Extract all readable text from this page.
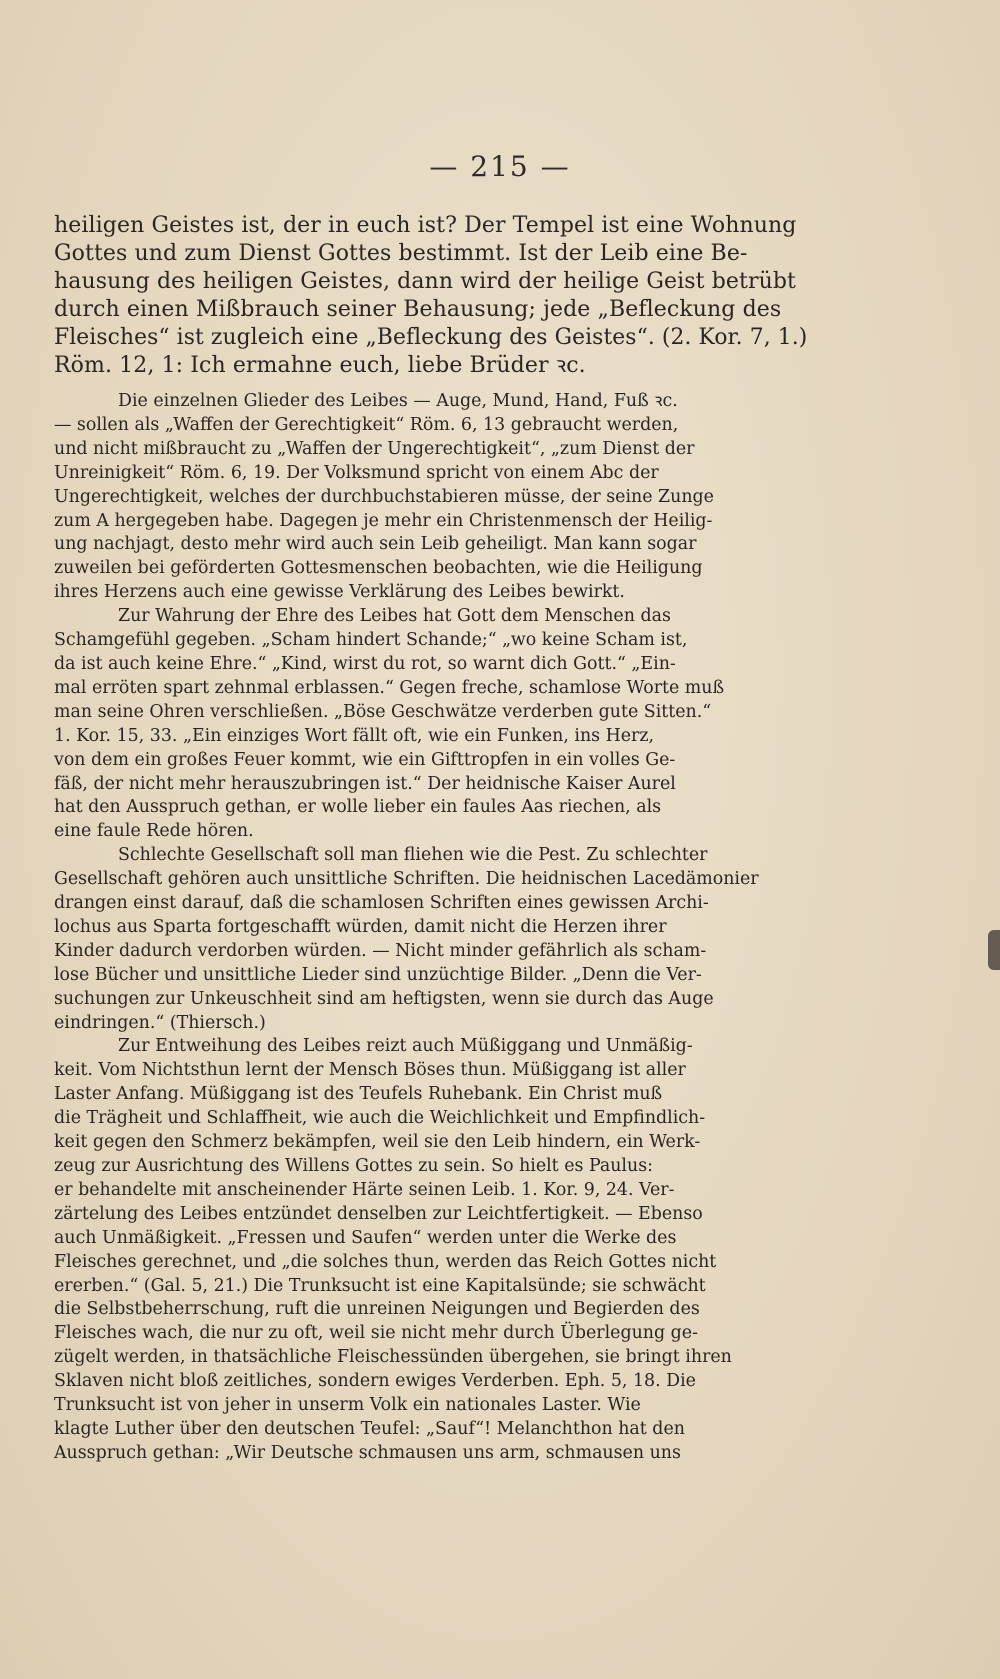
— 215 —
heiligen Geistes ist, der in euch ist? Der Tempel ist eine Wohnung
Gottes und zum Dienst Gottes bestimmt. Ist der Leib eine Be-
hausung des heiligen Geistes, dann wird der heilige Geist betrübt
durch einen Mißbrauch seiner Behausung; jede „Befleckung des
Fleisches“ ist zugleich eine „Befleckung des Geistes“. (2. Kor. 7, 1.)
Röm. 12, 1: Ich ermahne euch, liebe Brüder ꝛc.
Die einzelnen Glieder des Leibes — Auge, Mund, Hand, Fuß ꝛc.
— sollen als „Waffen der Gerechtigkeit“ Röm. 6, 13 gebraucht werden,
und nicht mißbraucht zu „Waffen der Ungerechtigkeit“, „zum Dienst der
Unreinigkeit“ Röm. 6, 19. Der Volksmund spricht von einem Abc der
Ungerechtigkeit, welches der durchbuchstabieren müsse, der seine Zunge
zum A hergegeben habe. Dagegen je mehr ein Christenmensch der Heilig-
ung nachjagt, desto mehr wird auch sein Leib geheiligt. Man kann sogar
zuweilen bei geförderten Gottesmenschen beobachten, wie die Heiligung
ihres Herzens auch eine gewisse Verklärung des Leibes bewirkt.
Zur Wahrung der Ehre des Leibes hat Gott dem Menschen das
Schamgefühl gegeben. „Scham hindert Schande;“ „wo keine Scham ist,
da ist auch keine Ehre.“ „Kind, wirst du rot, so warnt dich Gott.“ „Ein-
mal erröten spart zehnmal erblassen.“ Gegen freche, schamlose Worte muß
man seine Ohren verschließen. „Böse Geschwätze verderben gute Sitten.“
1. Kor. 15, 33. „Ein einziges Wort fällt oft, wie ein Funken, ins Herz,
von dem ein großes Feuer kommt, wie ein Gifttropfen in ein volles Ge-
fäß, der nicht mehr herauszubringen ist.“ Der heidnische Kaiser Aurel
hat den Ausspruch gethan, er wolle lieber ein faules Aas riechen, als
eine faule Rede hören.
Schlechte Gesellschaft soll man fliehen wie die Pest. Zu schlechter
Gesellschaft gehören auch unsittliche Schriften. Die heidnischen Lacedämonier
drangen einst darauf, daß die schamlosen Schriften eines gewissen Archi-
lochus aus Sparta fortgeschafft würden, damit nicht die Herzen ihrer
Kinder dadurch verdorben würden. — Nicht minder gefährlich als scham-
lose Bücher und unsittliche Lieder sind unzüchtige Bilder. „Denn die Ver-
suchungen zur Unkeuschheit sind am heftigsten, wenn sie durch das Auge
eindringen.“ (Thiersch.)
Zur Entweihung des Leibes reizt auch Müßiggang und Unmäßig-
keit. Vom Nichtsthun lernt der Mensch Böses thun. Müßiggang ist aller
Laster Anfang. Müßiggang ist des Teufels Ruhebank. Ein Christ muß
die Trägheit und Schlaffheit, wie auch die Weichlichkeit und Empfindlich-
keit gegen den Schmerz bekämpfen, weil sie den Leib hindern, ein Werk-
zeug zur Ausrichtung des Willens Gottes zu sein. So hielt es Paulus:
er behandelte mit anscheinender Härte seinen Leib. 1. Kor. 9, 24. Ver-
zärtelung des Leibes entzündet denselben zur Leichtfertigkeit. — Ebenso
auch Unmäßigkeit. „Fressen und Saufen“ werden unter die Werke des
Fleisches gerechnet, und „die solches thun, werden das Reich Gottes nicht
ererben.“ (Gal. 5, 21.) Die Trunksucht ist eine Kapitalsünde; sie schwächt
die Selbstbeherrschung, ruft die unreinen Neigungen und Begierden des
Fleisches wach, die nur zu oft, weil sie nicht mehr durch Überlegung ge-
zügelt werden, in thatsächliche Fleischessünden übergehen, sie bringt ihren
Sklaven nicht bloß zeitliches, sondern ewiges Verderben. Eph. 5, 18. Die
Trunksucht ist von jeher in unserm Volk ein nationales Laster. Wie
klagte Luther über den deutschen Teufel: „Sauf“! Melanchthon hat den
Ausspruch gethan: „Wir Deutsche schmausen uns arm, schmausen uns
